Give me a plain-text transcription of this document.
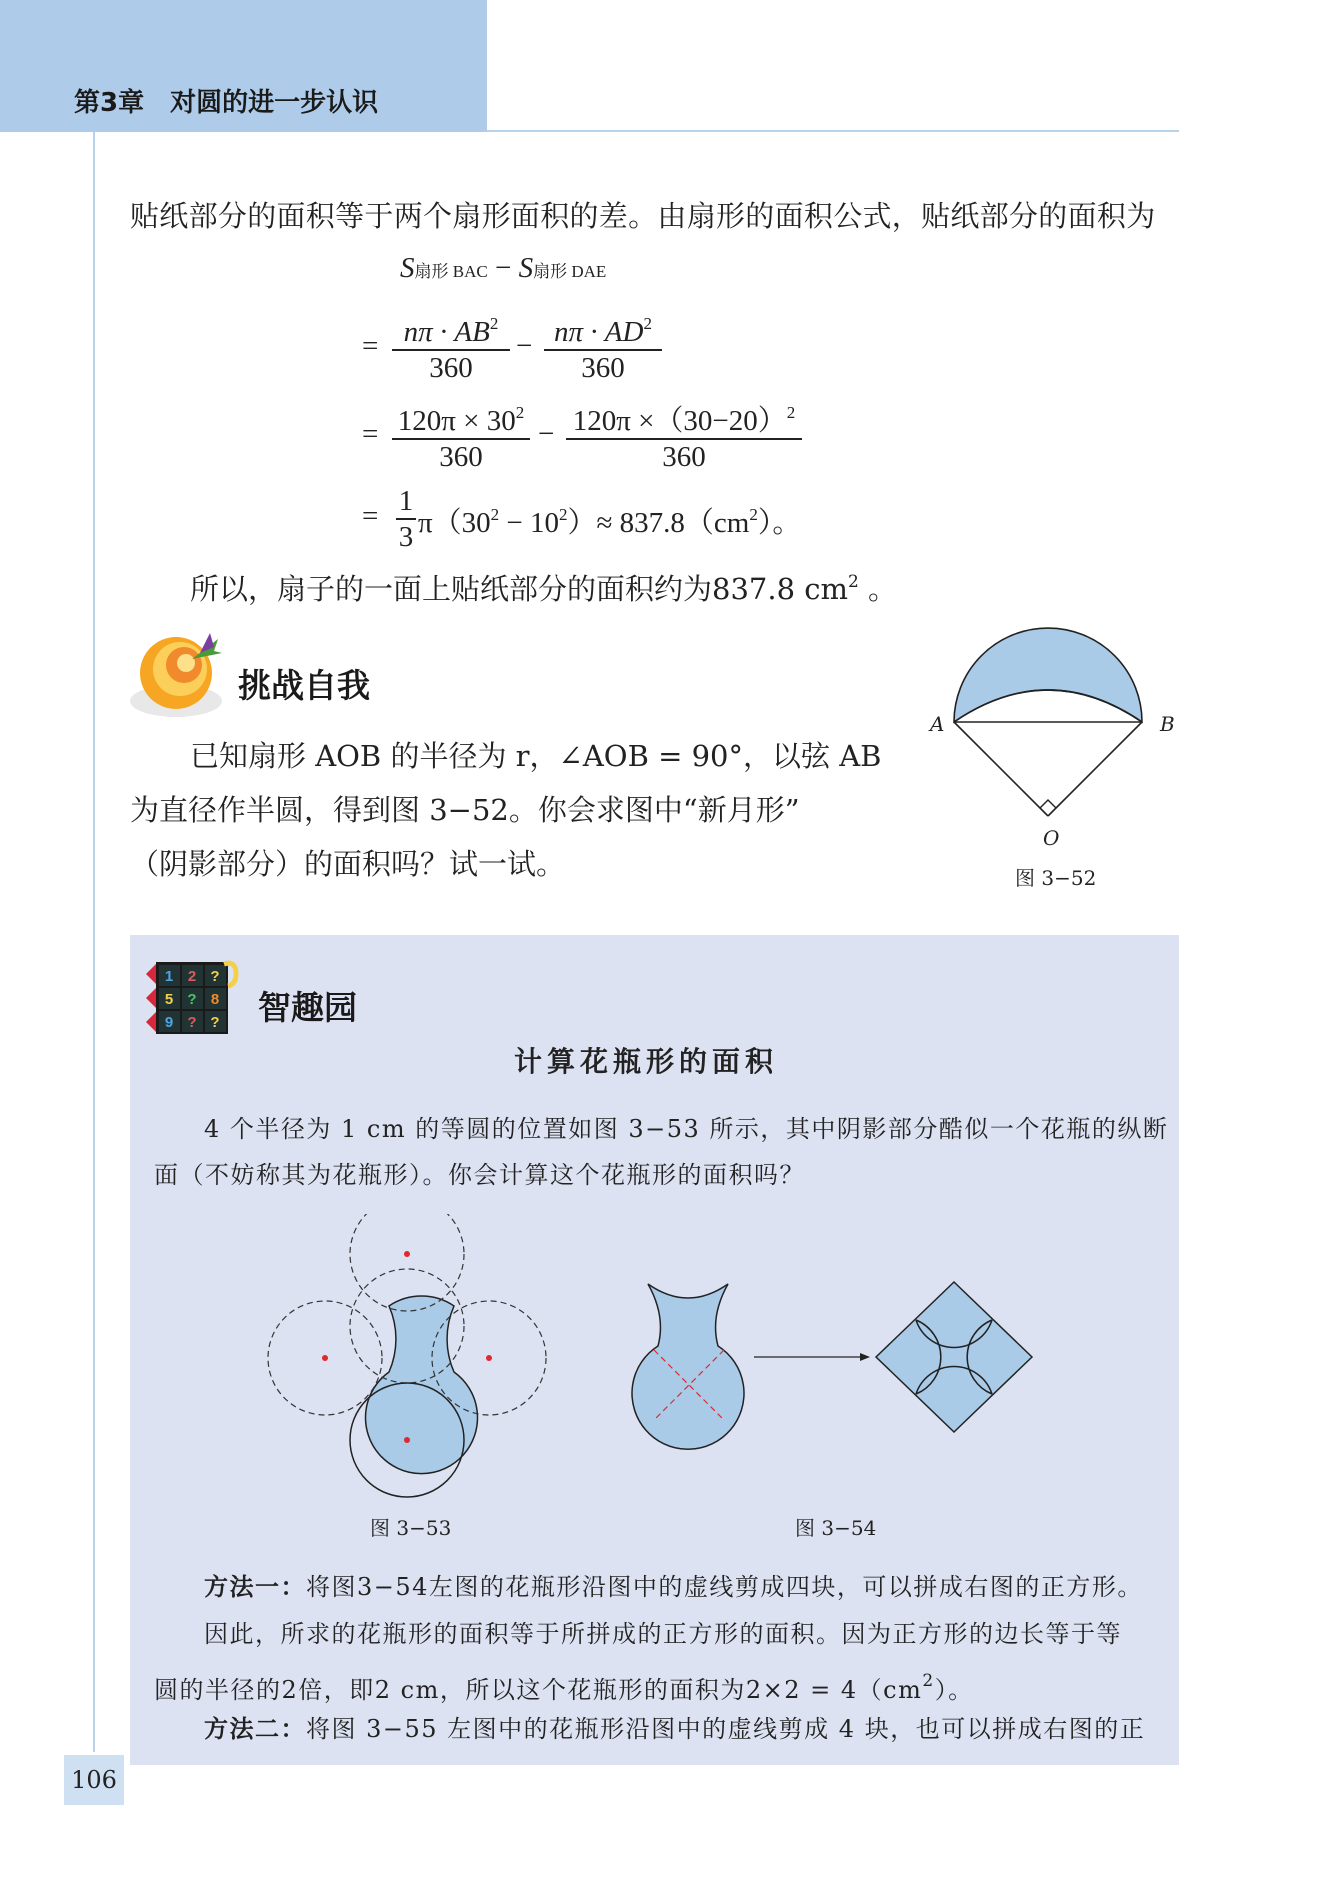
第3章　对圆的进一步认识
贴纸部分的面积等于两个扇形面积的差。由扇形的面积公式，贴纸部分的面积为
S扇形 BAC − S扇形 DAE
= $n\pi \cdot AB^2$
360
− $n\pi \cdot AD^2$
360
= $120\pi \times 30^2$
360
− $120\pi \times(30-20)^2$
360
= 1
3 $\pi(30^2 - 10^2)\approx 837.8(cm^2)$。
所以，扇子的一面上贴纸部分的面积约为837.8 $cm^2$ 。
挑战自我
已知扇形 AOB 的半径为 r，∠AOB = 90°，以弦 AB
为直径作半圆，得到图 3−52。你会求图中“新月形”
（阴影部分）的面积吗？试一试。
A	B
O
图 3−52
1 2 ?
5 ? 8
9 ? ? 智趣园
计算花瓶形的面积
4 个半径为 1 cm 的等圆的位置如图 3−53 所示，其中阴影部分酷似一个花瓶的纵断
面（不妨称其为花瓶形）。你会计算这个花瓶形的面积吗？
图 3−53	图 3−54
方法一：将图3−54左图的花瓶形沿图中的虚线剪成四块，可以拼成右图的正方形。
因此，所求的花瓶形的面积等于所拼成的正方形的面积。因为正方形的边长等于等
圆的半径的2倍，即2 cm，所以这个花瓶形的面积为$2\times 2 = 4(cm^2)$。
方法二：将图 3−55 左图中的花瓶形沿图中的虚线剪成 4 块，也可以拼成右图的正
106
